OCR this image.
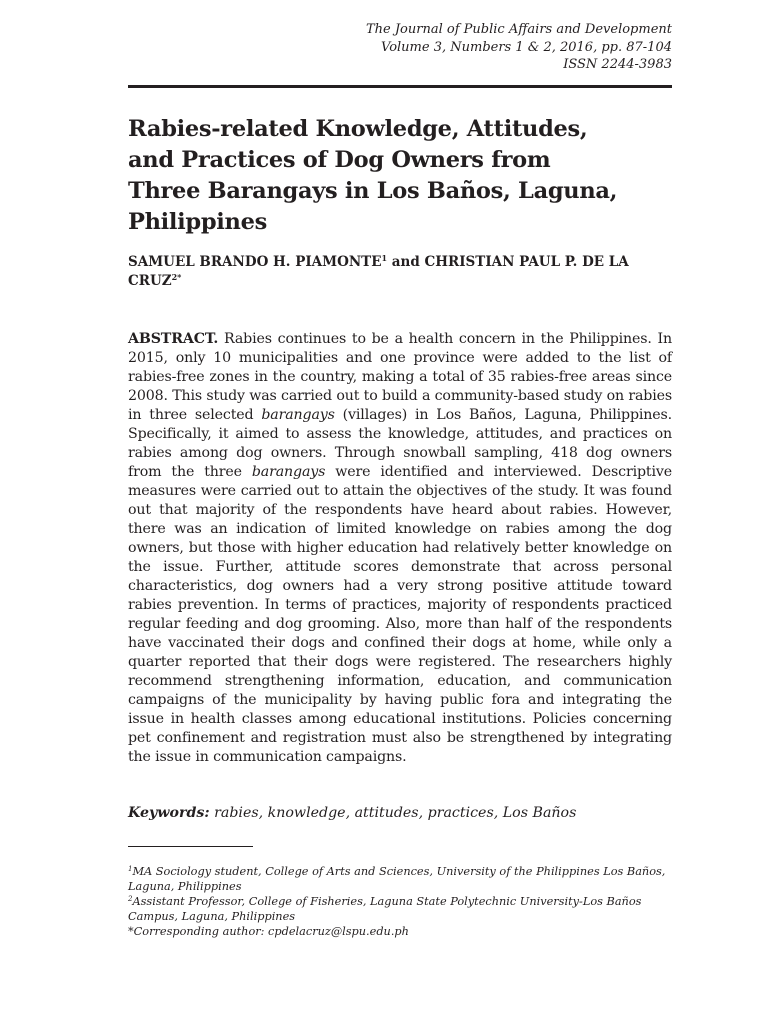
The Journal of Public Affairs and Development
Volume 3, Numbers 1 & 2, 2016, pp. 87-104
ISSN 2244-3983
Rabies-related Knowledge, Attitudes,
and Practices of Dog Owners from
Three Barangays in Los Baños, Laguna,
Philippines
SAMUEL BRANDO H. PIAMONTE$^1$ and CHRISTIAN PAUL P. DE LA $CRUZ^{2*}$

ABSTRACT. Rabies continues to be a health concern in the Philippines. In 2015, only 10 municipalities and one province were added to the list of rabies-free zones in the country, making a total of 35 rabies-free areas since 2008. This study was carried out to build a community-based study on rabies in three selected barangays (villages) in Los Baños, Laguna, Philippines. Specifically, it aimed to assess the knowledge, attitudes, and practices on rabies among dog owners. Through snowball sampling, 418 dog owners from the three barangays were identified and interviewed. Descriptive measures were carried out to attain the objectives of the study. It was found out that majority of the respondents have heard about rabies. However, there was an indication of limited knowledge on rabies among the dog owners, but those with higher education had relatively better knowledge on the issue. Further, attitude scores demonstrate that across personal characteristics, dog owners had a very strong positive attitude toward rabies prevention. In terms of practices, majority of respondents practiced regular feeding and dog grooming. Also, more than half of the respondents have vaccinated their dogs and confined their dogs at home, while only a quarter reported that their dogs were registered. The researchers highly recommend strengthening information, education, and communication campaigns of the municipality by having public fora and integrating the issue in health classes among educational institutions. Policies concerning pet confinement and registration must also be strengthened by integrating the issue in communication campaigns.

Keywords: rabies, knowledge, attitudes, practices, Los Baños

$^1$MA Sociology student, College of Arts and Sciences, University of the Philippines Los Baños, Laguna, Philippines
$^2$Assistant Professor, College of Fisheries, Laguna State Polytechnic University-Los Baños Campus, Laguna, Philippines
*Corresponding author: cpdelacruz@lspu.edu.ph
